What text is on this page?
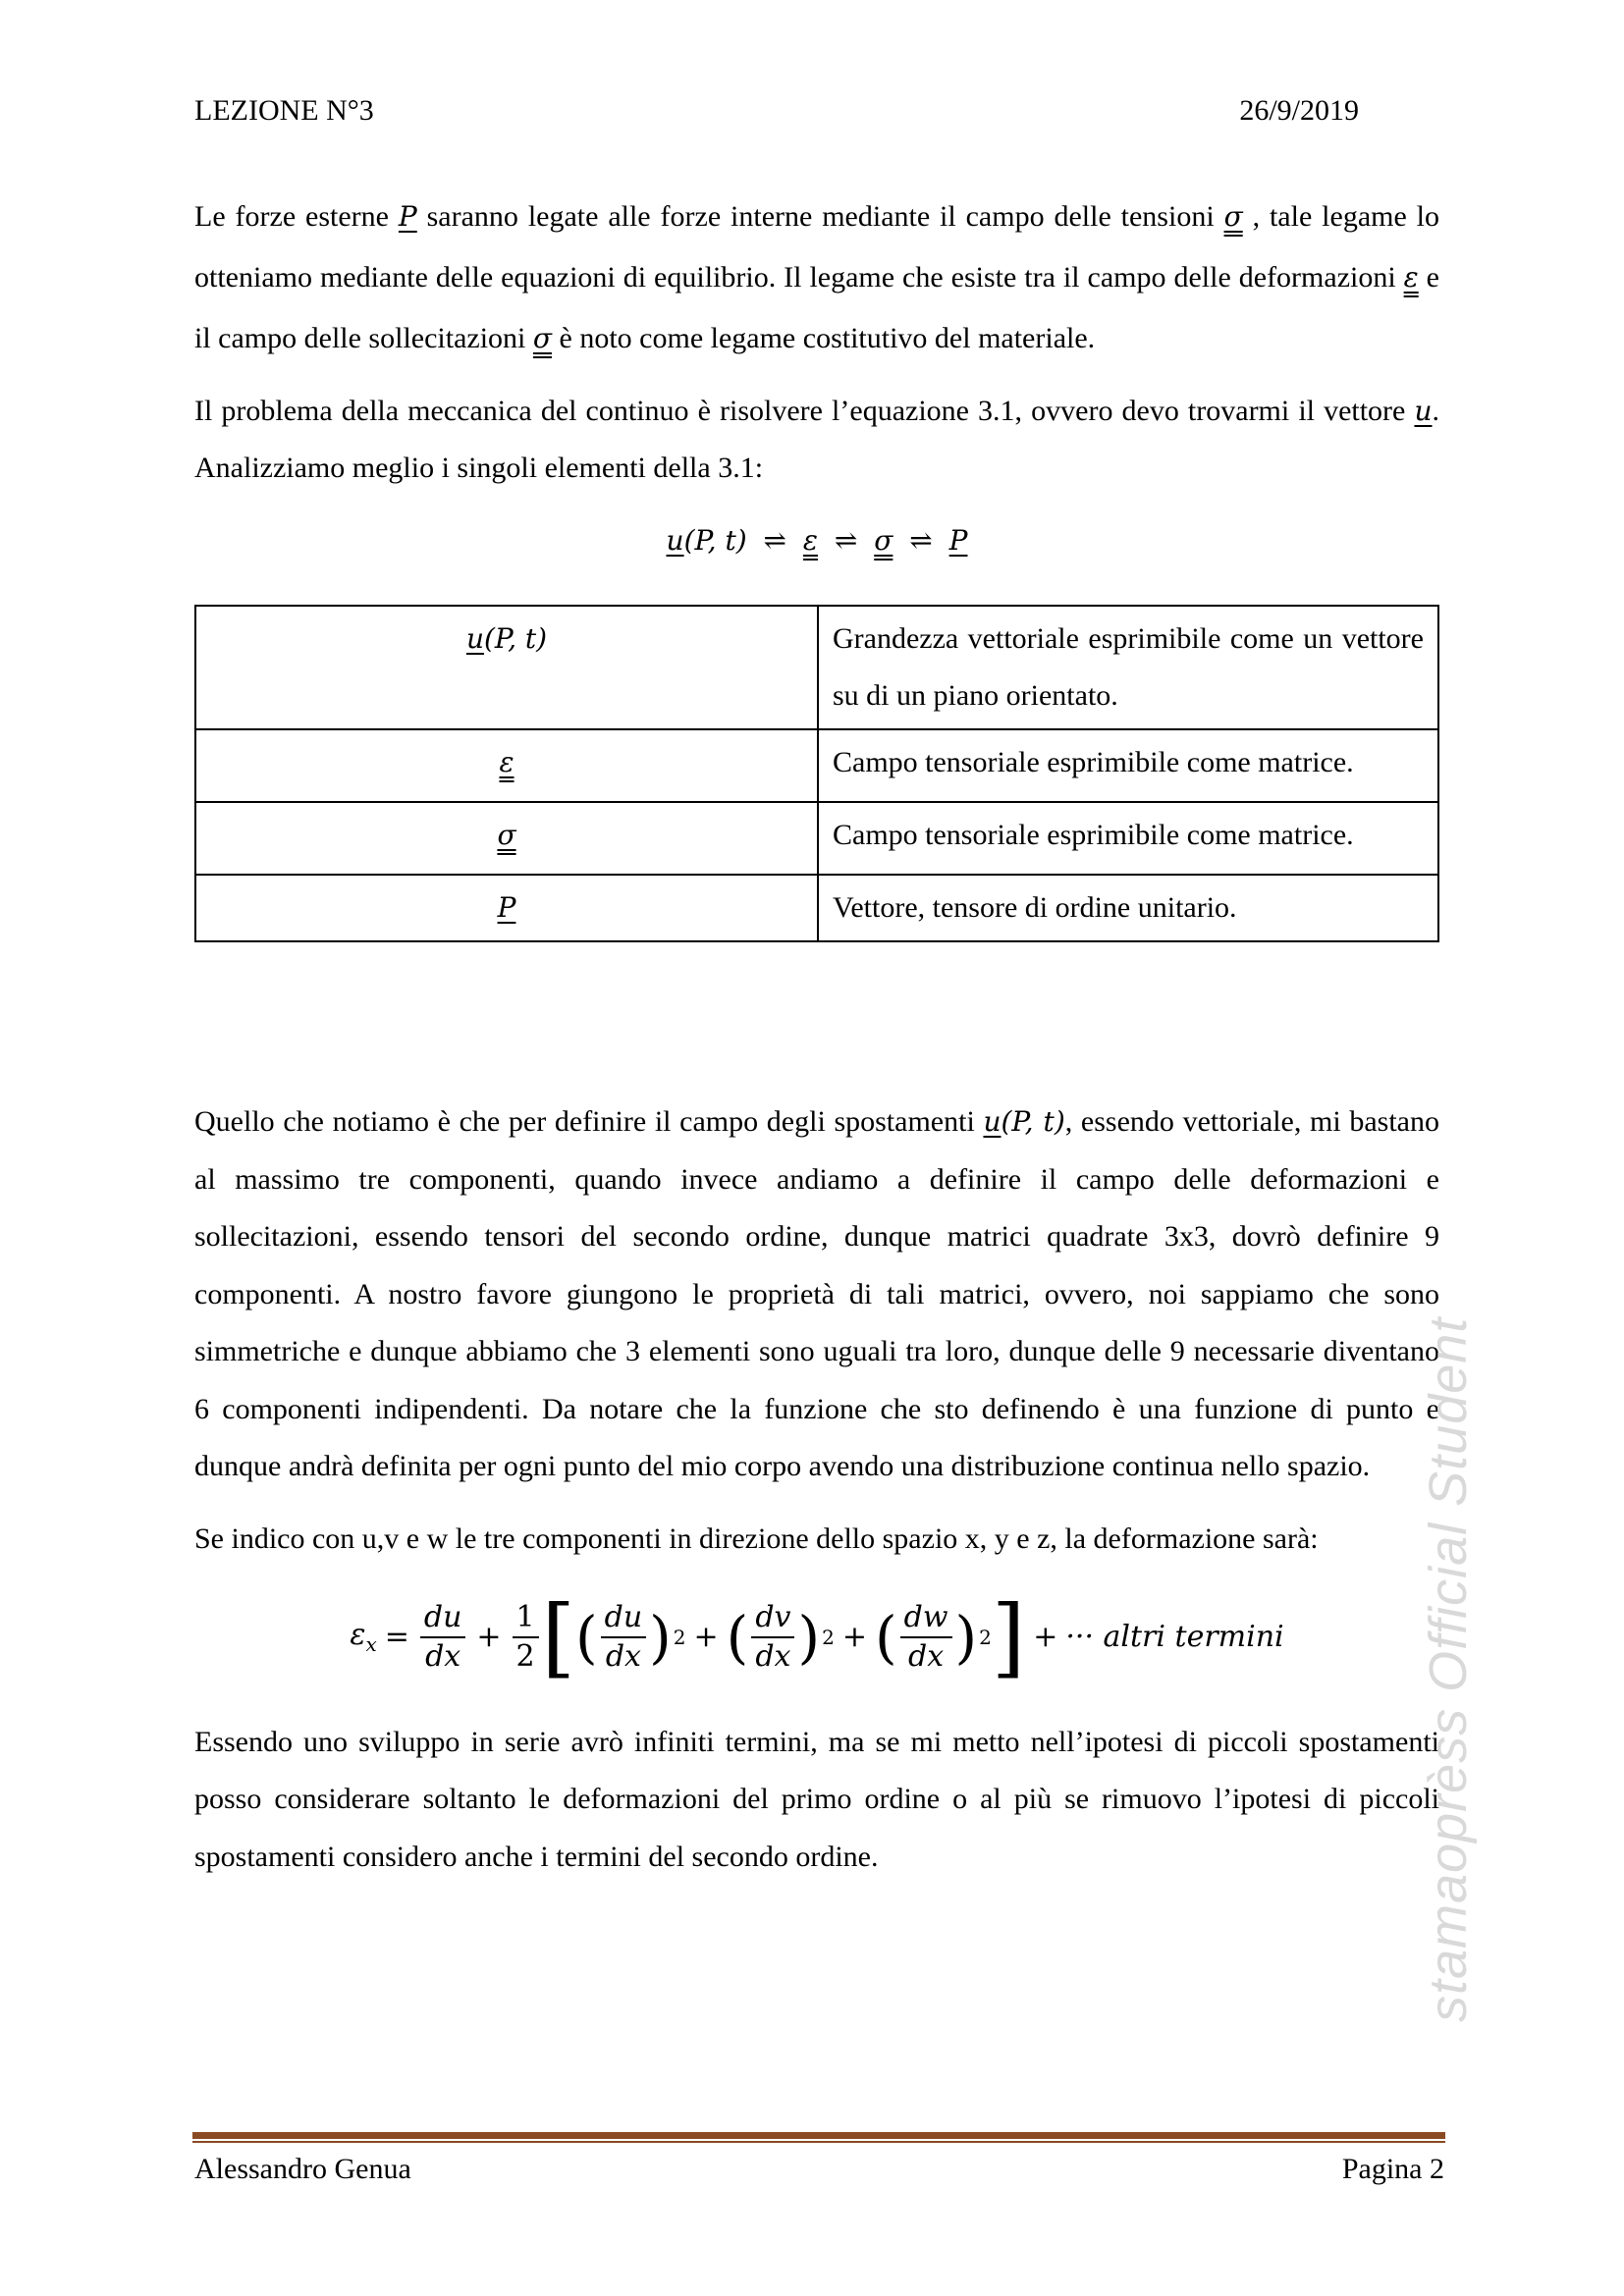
LEZIONE N°3	26/9/2019

Le forze esterne P saranno legate alle forze interne mediante il campo delle tensioni σ , tale legame lo otteniamo mediante delle equazioni di equilibrio. Il legame che esiste tra il campo delle deformazioni ε e il campo delle sollecitazioni σ è noto come legame costitutivo del materiale.

Il problema della meccanica del continuo è risolvere l’equazione 3.1, ovvero devo trovarmi il vettore u. Analizziamo meglio i singoli elementi della 3.1:

u(P, t) ⇌ ε ⇌ σ ⇌ P
u(P, t)	Grandezza vettoriale esprimibile come un vettore su di un piano orientato.
ε	Campo tensoriale esprimibile come matrice.
σ	Campo tensoriale esprimibile come matrice.
P	Vettore, tensore di ordine unitario.

Quello che notiamo è che per definire il campo degli spostamenti u(P, t), essendo vettoriale, mi bastano al massimo tre componenti, quando invece andiamo a definire il campo delle deformazioni e sollecitazioni, essendo tensori del secondo ordine, dunque matrici quadrate 3x3, dovrò definire 9 componenti. A nostro favore giungono le proprietà di tali matrici, ovvero, noi sappiamo che sono simmetriche e dunque abbiamo che 3 elementi sono uguali tra loro, dunque delle 9 necessarie diventano 6 componenti indipendenti. Da notare che la funzione che sto definendo è una funzione di punto e dunque andrà definita per ogni punto del mio corpo avendo una distribuzione continua nello spazio.

Se indico con u,v e w le tre componenti in direzione dello spazio x, y e z, la deformazione sarà:

$\varepsilon_x = \frac{du}{dx} + \frac{1}{2}$ [ ( $\frac{du}{dx}$ ) 2 + ( $\frac{dv}{dx}$ ) 2 + ( $\frac{dw}{dx}$ ) 2 ] + ··· altri termini

Essendo uno sviluppo in serie avrò infiniti termini, ma se mi metto nell’ipotesi di piccoli spostamenti posso considerare soltanto le deformazioni del primo ordine o al più se rimuovo l’ipotesi di piccoli spostamenti considero anche i termini del secondo ordine.	stamaoprèss Official Student
Alessandro Genua	Pagina 2
